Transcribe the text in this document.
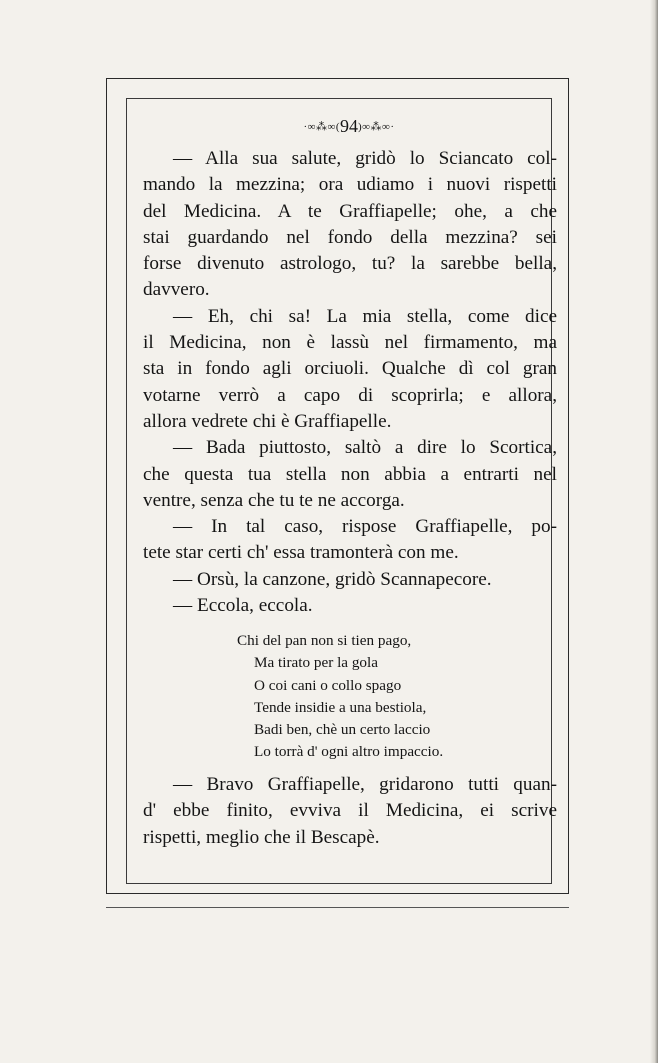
·∞⁂∞(94)∞⁂∞·
— Alla sua salute, gridò lo Sciancato col-
mando la mezzina; ora udiamo i nuovi rispetti
del Medicina. A te Graffiapelle; ohe, a che
stai guardando nel fondo della mezzina? sei
forse divenuto astrologo, tu? la sarebbe bella,
davvero.
— Eh, chi sa! La mia stella, come dice
il Medicina, non è lassù nel firmamento, ma
sta in fondo agli orciuoli. Qualche dì col gran
votarne verrò a capo di scoprirla; e allora,
allora vedrete chi è Graffiapelle.
— Bada piuttosto, saltò a dire lo Scortica,
che questa tua stella non abbia a entrarti nel
ventre, senza che tu te ne accorga.
— In tal caso, rispose Graffiapelle, po-
tete star certi ch' essa tramonterà con me.
— Orsù, la canzone, gridò Scannapecore.
— Eccola, eccola.
Chi del pan non si tien pago,
Ma tirato per la gola
O coi cani o collo spago
Tende insidie a una bestiola,
Badi ben, chè un certo laccio
Lo torrà d' ogni altro impaccio.
— Bravo Graffiapelle, gridarono tutti quan-
d' ebbe finito, evviva il Medicina, ei scrive
rispetti, meglio che il Bescapè.
